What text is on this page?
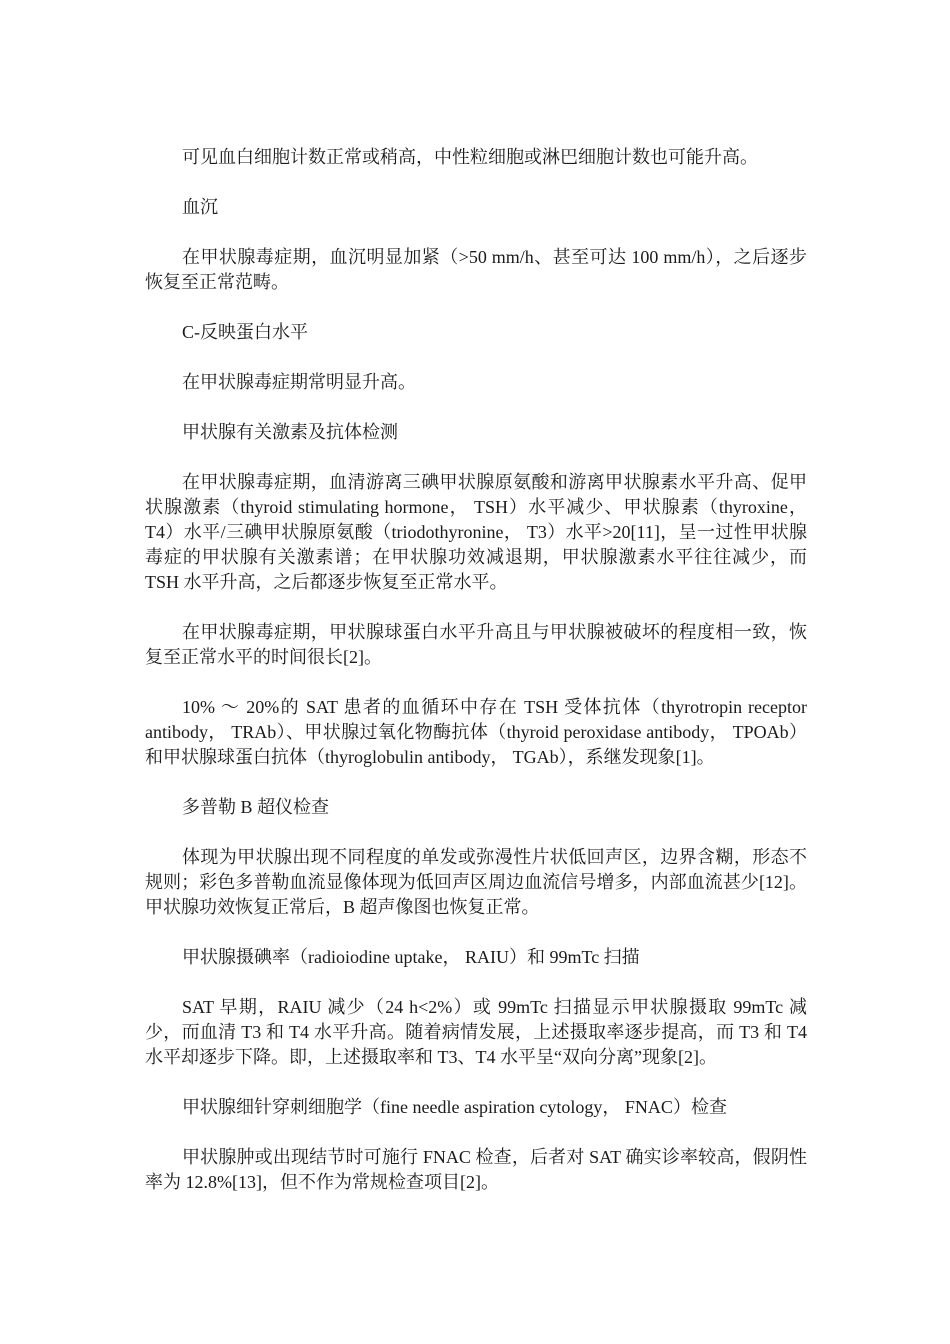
可见血白细胞计数正常或稍高，中性粒细胞或淋巴细胞计数也可能升高。

血沉

在甲状腺毒症期，血沉明显加紧（>50 mm/h、甚至可达 100 mm/h），之后逐步恢复至正常范畴。

C-反映蛋白水平

在甲状腺毒症期常明显升高。

甲状腺有关激素及抗体检测

在甲状腺毒症期，血清游离三碘甲状腺原氨酸和游离甲状腺素水平升高、促甲状腺激素（thyroid stimulating hormone， TSH）水平减少、甲状腺素（thyroxine， T4）水平/三碘甲状腺原氨酸（triodothyronine， T3）水平>20[11]，呈一过性甲状腺毒症的甲状腺有关激素谱；在甲状腺功效减退期，甲状腺激素水平往往减少，而 TSH 水平升高，之后都逐步恢复至正常水平。

在甲状腺毒症期，甲状腺球蛋白水平升高且与甲状腺被破坏的程度相一致，恢复至正常水平的时间很长[2]。

10% ～ 20%的 SAT 患者的血循环中存在 TSH 受体抗体（thyrotropin receptor antibody， TRAb）、甲状腺过氧化物酶抗体（thyroid peroxidase antibody， TPOAb）和甲状腺球蛋白抗体（thyroglobulin antibody， TGAb），系继发现象[1]。

多普勒 B 超仪检查

体现为甲状腺出现不同程度的单发或弥漫性片状低回声区，边界含糊，形态不规则；彩色多普勒血流显像体现为低回声区周边血流信号增多，内部血流甚少[12]。甲状腺功效恢复正常后，B 超声像图也恢复正常。

甲状腺摄碘率（radioiodine uptake， RAIU）和 99mTc 扫描

SAT 早期，RAIU 减少（24 h<2%）或 99mTc 扫描显示甲状腺摄取 99mTc 减少，而血清 T3 和 T4 水平升高。随着病情发展，上述摄取率逐步提高，而 T3 和 T4 水平却逐步下降。即，上述摄取率和 T3、T4 水平呈“双向分离”现象[2]。

甲状腺细针穿刺细胞学（fine needle aspiration cytology， FNAC）检查

甲状腺肿或出现结节时可施行 FNAC 检查，后者对 SAT 确实诊率较高，假阴性率为 12.8%[13]，但不作为常规检查项目[2]。
